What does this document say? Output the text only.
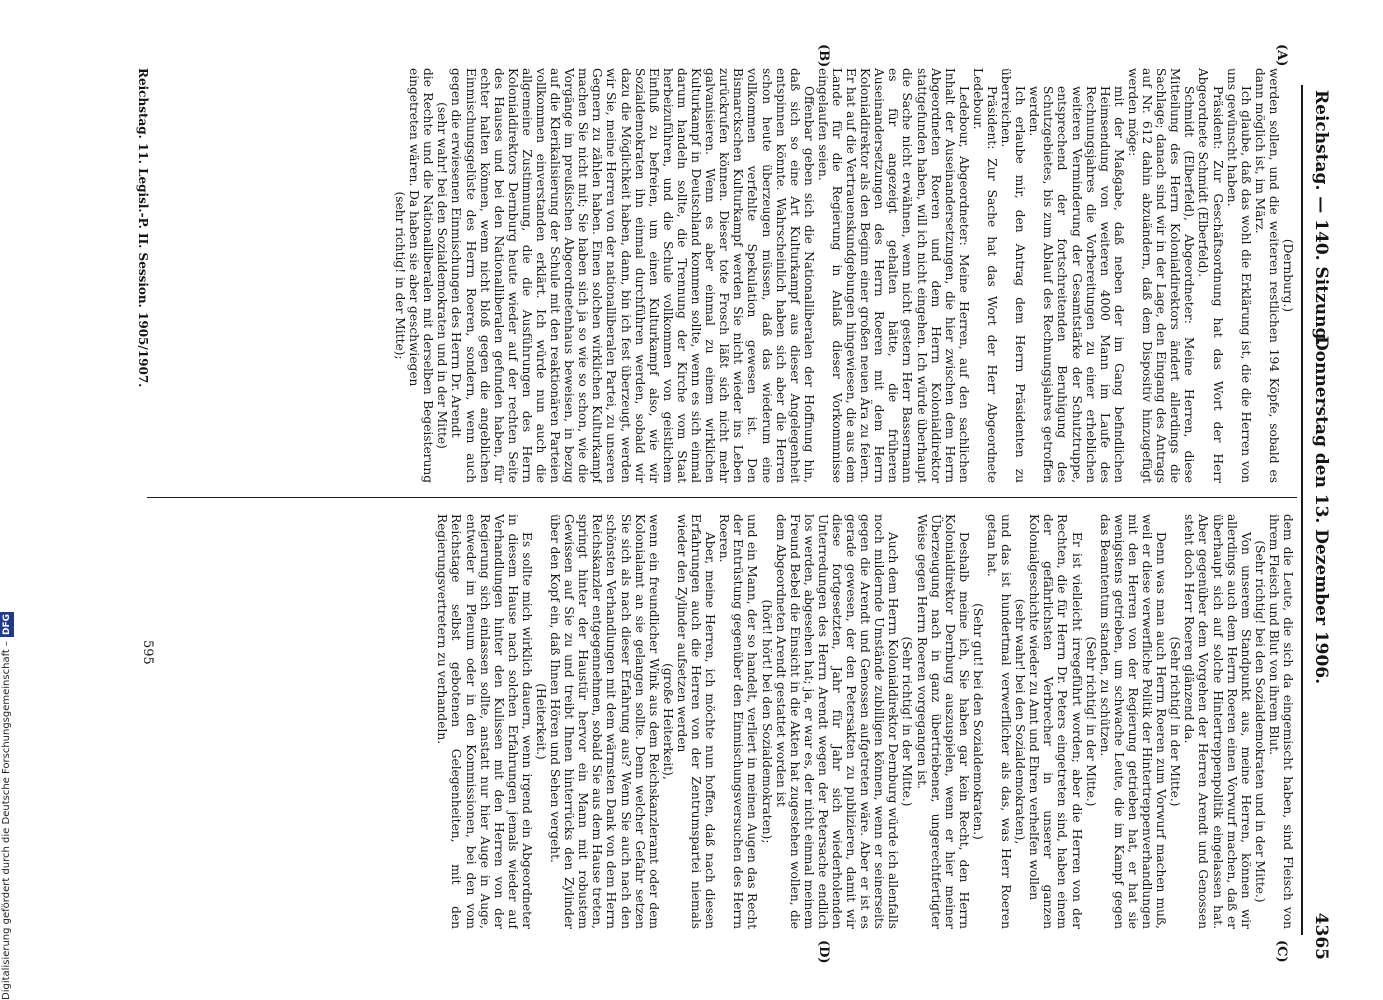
Reichstag. — 140. Sitzung.
Donnerstag den 13. Dezember 1906.
4365
(A)
(B)
(C)
(D)

(Dernburg.)

werden sollen, und die weiteren restlichen 194 Köpfe, sobald es dann möglich ist, im März.

Ich glaube, daß das wohl die Erklärung ist, die die Herren von uns gewünscht haben.

Präsident: Zur Geschäftsordnung hat das Wort der Herr Abgeordnete Schmidt (Elberfeld).

Schmidt (Elberfeld), Abgeordneter: Meine Herren, diese Mitteilung des Herrn Kolonialdirektors ändert allerdings die Sachlage; danach sind wir in der Lage, den Eingang des Antrags auf Nr. 612 dahin abzuändern, daß dem Dispositiv hinzugefügt werden möge:

mit der Maßgabe, daß neben der im Gang befindlichen Heimsendung von weiteren 4000 Mann im Laufe des Rechnungsjahres die Vorbereitungen zu einer erheblichen weiteren Verminderung der Gesamtstärke der Schutztruppe, entsprechend der fortschreitenden Beruhigung des Schutzgebietes, bis zum Ablauf des Rechnungsjahres getroffen werden.

Ich erlaube mir, den Antrag dem Herrn Präsidenten zu überreichen.

Präsident: Zur Sache hat das Wort der Herr Abgeordnete Ledebour.

Ledebour, Abgeordneter: Meine Herren, auf den sachlichen Inhalt der Auseinandersetzungen, die hier zwischen dem Herrn Abgeordneten Roeren und dem Herrn Kolonialdirektor stattgefunden haben, will ich nicht eingehen. Ich würde überhaupt die Sache nicht erwähnen, wenn nicht gestern Herr Bassermann es für angezeigt gehalten hätte, die früheren Auseinandersetzungen des Herrn Roeren mit dem Herrn Kolonialdirektor als den Beginn einer großen neuen Ära zu feiern. Er hat auf die Vertrauenskundgebungen hingewiesen, die aus dem Lande für die Regierung in Anlaß dieser Vorkommnisse eingelaufen seien.

Offenbar geben sich die Nationalliberalen der Hoffnung hin, daß sich so eine Art Kulturkampf aus dieser Angelegenheit entspinnen könnte. Wahrscheinlich haben sich aber die Herren schon heute überzeugen müssen, daß das wiederum eine vollkommen verfehlte Spekulation gewesen ist. Den Bismarckschen Kulturkampf werden Sie nicht wieder ins Leben zurückrufen können. Dieser tote Frosch läßt sich nicht mehr galvanisieren. Wenn es aber einmal zu einem wirklichen Kulturkampf in Deutschland kommen sollte, wenn es sich einmal darum handeln sollte, die Trennung der Kirche vom Staat herbeizuführen, und die Schule vollkommen von geistlichem Einfluß zu befreien, um einen Kulturkampf also, wie wir Sozialdemokraten ihn einmal durchführen werden, sobald wir dazu die Möglichkeit haben, dann, bin ich fest überzeugt, werden wir Sie, meine Herren von der nationalliberalen Partei, zu unseren Gegnern zu zählen haben. Einen solchen wirklichen Kulturkampf machen Sie nicht mit; Sie haben sich ja so wie so schon, wie die Vorgänge im preußischen Abgeordnetenhaus beweisen, in bezug auf die Klerikalisierung der Schule mit den reaktionären Parteien vollkommen einverstanden erklärt. Ich würde nun auch die allgemeine Zustimmung, die die Ausführungen des Herrn Kolonialdirektors Dernburg heute wieder auf der rechten Seite des Hauses und bei den Nationalliberalen gefunden haben, für echter halten können, wenn nicht bloß gegen die angeblichen Einmischungsgelüste des Herrn Roeren, sondern, wenn auch gegen die erwiesenen Einmischungen des Herrn Dr. Arendt

(sehr wahr! bei den Sozialdemokraten und in der Mitte)

die Rechte und die Nationalliberalen mit derselben Begeisterung eingetreten wären. Da haben sie aber geschwiegen

(sehr richtig! in der Mitte);

dem die Leute, die sich da eingemischt haben, sind Fleisch von ihrem Fleisch und Blut von ihrem Blut.

(Sehr richtig! bei den Sozialdemokraten und in der Mitte.)

Von unserem Standpunkt aus, meine Herren, können wir allerdings auch dem Herrn Roeren einen Vorwurf machen, daß er überhaupt sich auf solche Hintertreppenpolitik eingelassen hat. Aber gegenüber dem Vorgehen der Herren Arendt und Genossen steht doch Herr Roeren glänzend da.

(Sehr richtig! in der Mitte.)

Denn was man auch Herrn Roeren zum Vorwurf machen muß, weil er diese verwerfliche Politik der Hintertreppenverhandlungen mit den Herren von der Regierung getrieben hat, er hat sie wenigstens getrieben, um schwache Leute, die im Kampf gegen das Beamtentum standen, zu schützen.

(Sehr richtig! in der Mitte.)

Er ist vielleicht irregeführt worden; aber die Herren von der Rechten, die für Herrn Dr. Peters eingetreten sind, haben einem der gefährlichsten Verbrecher in unserer ganzen Kolonialgeschichte wieder zu Amt und Ehren verhelfen wollen

(sehr wahr! bei den Sozialdemokraten),

und das ist hundertmal verwerflicher als das, was Herr Roeren getan hat.

(Sehr gut! bei den Sozialdemokraten.)

Deshalb meine ich, Sie haben gar kein Recht, den Herrn Kolonialdirektor Dernburg auszuspielen, wenn er hier meiner Überzeugung nach in ganz übertriebener, ungerechtfertigter Weise gegen Herrn Roeren vorgegangen ist.

(Sehr richtig! in der Mitte.)

Auch dem Herrn Kolonialdirektor Dernburg würde ich allenfalls noch mildernde Umstände zubilligen können, wenn er seinerseits gegen die Arendt und Genossen aufgetreten wäre. Aber er ist es gerade gewesen, der den Petersakten zu publizieren, damit wir diese fortgesetzten, Jahr für Jahr sich wiederholenden Unterredungen des Herrn Arendt wegen der Petersache endlich los werden, abgesehen hat; ja, er war es, der nicht einmal meinem Freund Bebel die Einsicht in die Akten hat zugestehen wollen, die dem Abgeordneten Arendt gestattet worden ist

(hört! hört! bei den Sozialdemokraten);

und ein Mann, der so handelt, verliert in meinen Augen das Recht der Entrüstung gegenüber den Einmischungsversuchen des Herrn Roeren.

Aber, meine Herren, ich möchte nun hoffen, daß nach diesen Erfahrungen auch die Herren von der Zentrumspartei niemals wieder den Zylinder aufsetzen werden

(große Heiterkeit),

wenn ein freundlicher Wink aus dem Reichskanzleramt oder dem Kolonialamt an sie gelangen sollte. Denn welcher Gefahr setzen Sie sich als nach dieser Erfahrung aus? Wenn Sie auch nach den schönsten Verhandlungen mit dem wärmsten Dank von dem Herrn Reichskanzler entgegennehmen, sobald Sie aus dem Hause treten, springt hinter der Haustür hervor ein Mann mit robustem Gewissen auf Sie zu und treibt Ihnen hinterrücks den Zylinder über den Kopf ein, daß Ihnen Hören und Sehen vergeht.

(Heiterkeit.)

Es sollte mich wirklich dauern, wenn irgend ein Abgeordneter in diesem Hause nach solchen Erfahrungen jemals wieder auf Verhandlungen hinter den Kulissen mit den Herren von der Regierung sich einlassen sollte, anstatt nur hier Auge in Auge, entweder im Plenum oder in den Kommissionen, bei den vom Reichstage selbst gebotenen Gelegenheiten, mit den Regierungsvertretern zu verhandeln.

Reichstag. 11. Legisl.-P. II. Session. 1905/1907.
595
Digitalisierung gefördert durch die Deutsche Forschungsgemeinschaft –DFG
